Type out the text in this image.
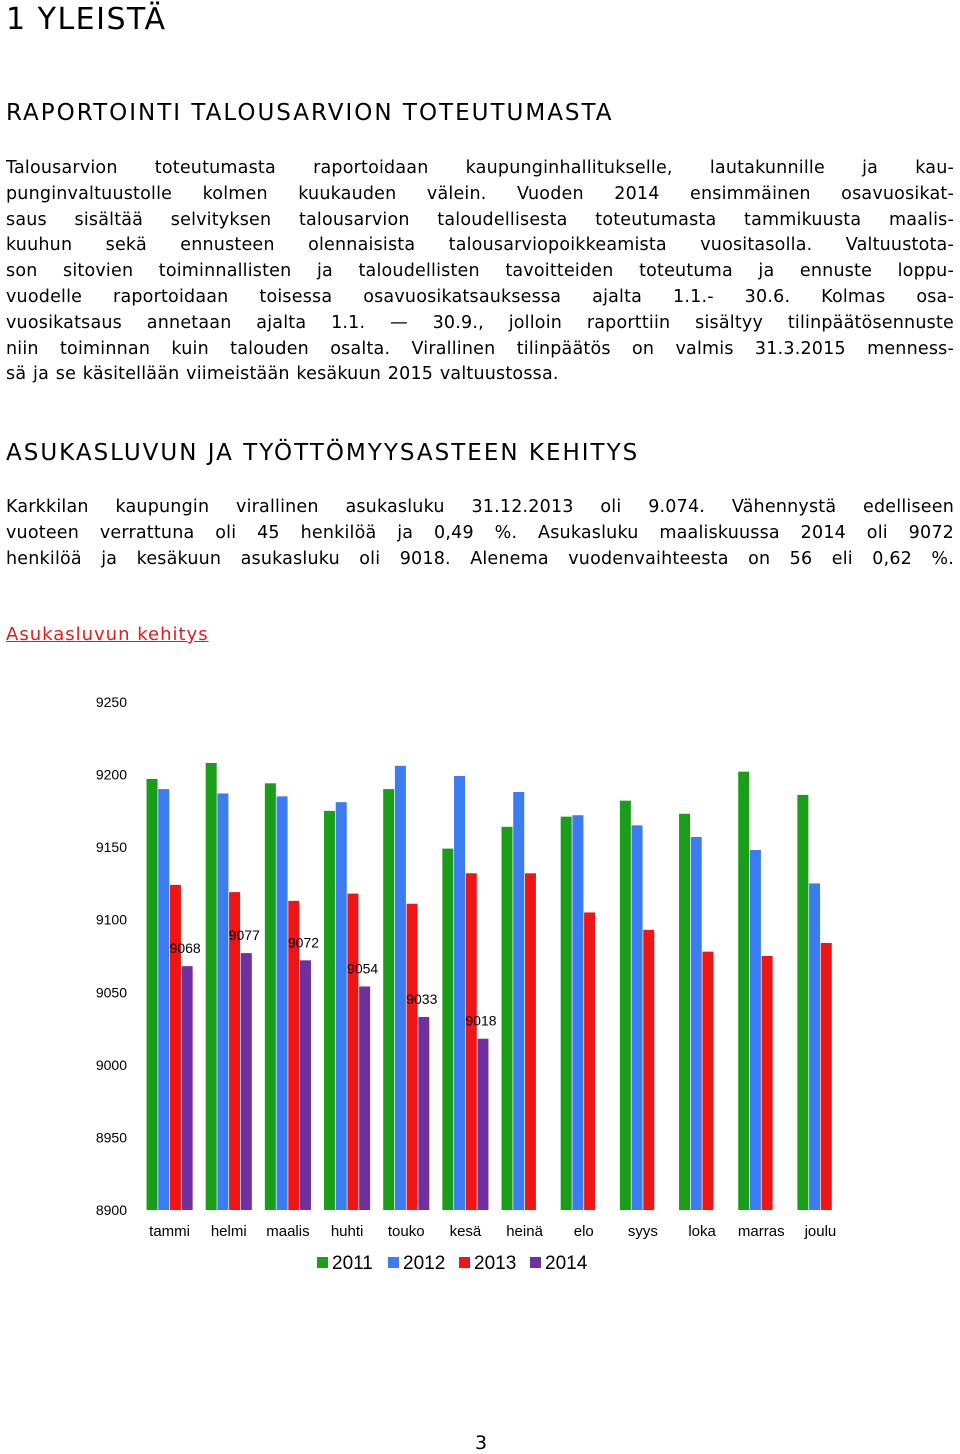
1 YLEISTÄ
RAPORTOINTI TALOUSARVION TOTEUTUMASTA
Talousarvion toteutumasta raportoidaan kaupunginhallitukselle, lautakunnille ja kau-
punginvaltuustolle kolmen kuukauden välein. Vuoden 2014 ensimmäinen osavuosikat-
saus sisältää selvityksen talousarvion taloudellisesta toteutumasta tammikuusta maalis-
kuuhun sekä ennusteen olennaisista talousarviopoikkeamista vuositasolla. Valtuustota-
son sitovien toiminnallisten ja taloudellisten tavoitteiden toteutuma ja ennuste loppu-
vuodelle raportoidaan toisessa osavuosikatsauksessa ajalta 1.1.- 30.6. Kolmas osa-
vuosikatsaus annetaan ajalta 1.1. — 30.9., jolloin raporttiin sisältyy tilinpäätösennuste
niin toiminnan kuin talouden osalta. Virallinen tilinpäätös on valmis 31.3.2015 menness-
sä ja se käsitellään viimeistään kesäkuun 2015 valtuustossa.
ASUKASLUVUN JA TYÖTTÖMYYSASTEEN KEHITYS
Karkkilan kaupungin virallinen asukasluku 31.12.2013 oli 9.074. Vähennystä edelliseen
vuoteen verrattuna oli 45 henkilöä ja 0,49 %. Asukasluku maaliskuussa 2014 oli 9072
henkilöä ja kesäkuun asukasluku oli 9018. Alenema vuodenvaihteesta on 56 eli 0,62 %.
Asukasluvun kehitys
8900
8950
9000
9050
9100
9150
9200
9250
tammi helmi maalis huhti touko kesä heinä elo syys loka marras joulu
9068
9077 9072
9054
9033
9018
2011 2012 2013 2014
3
